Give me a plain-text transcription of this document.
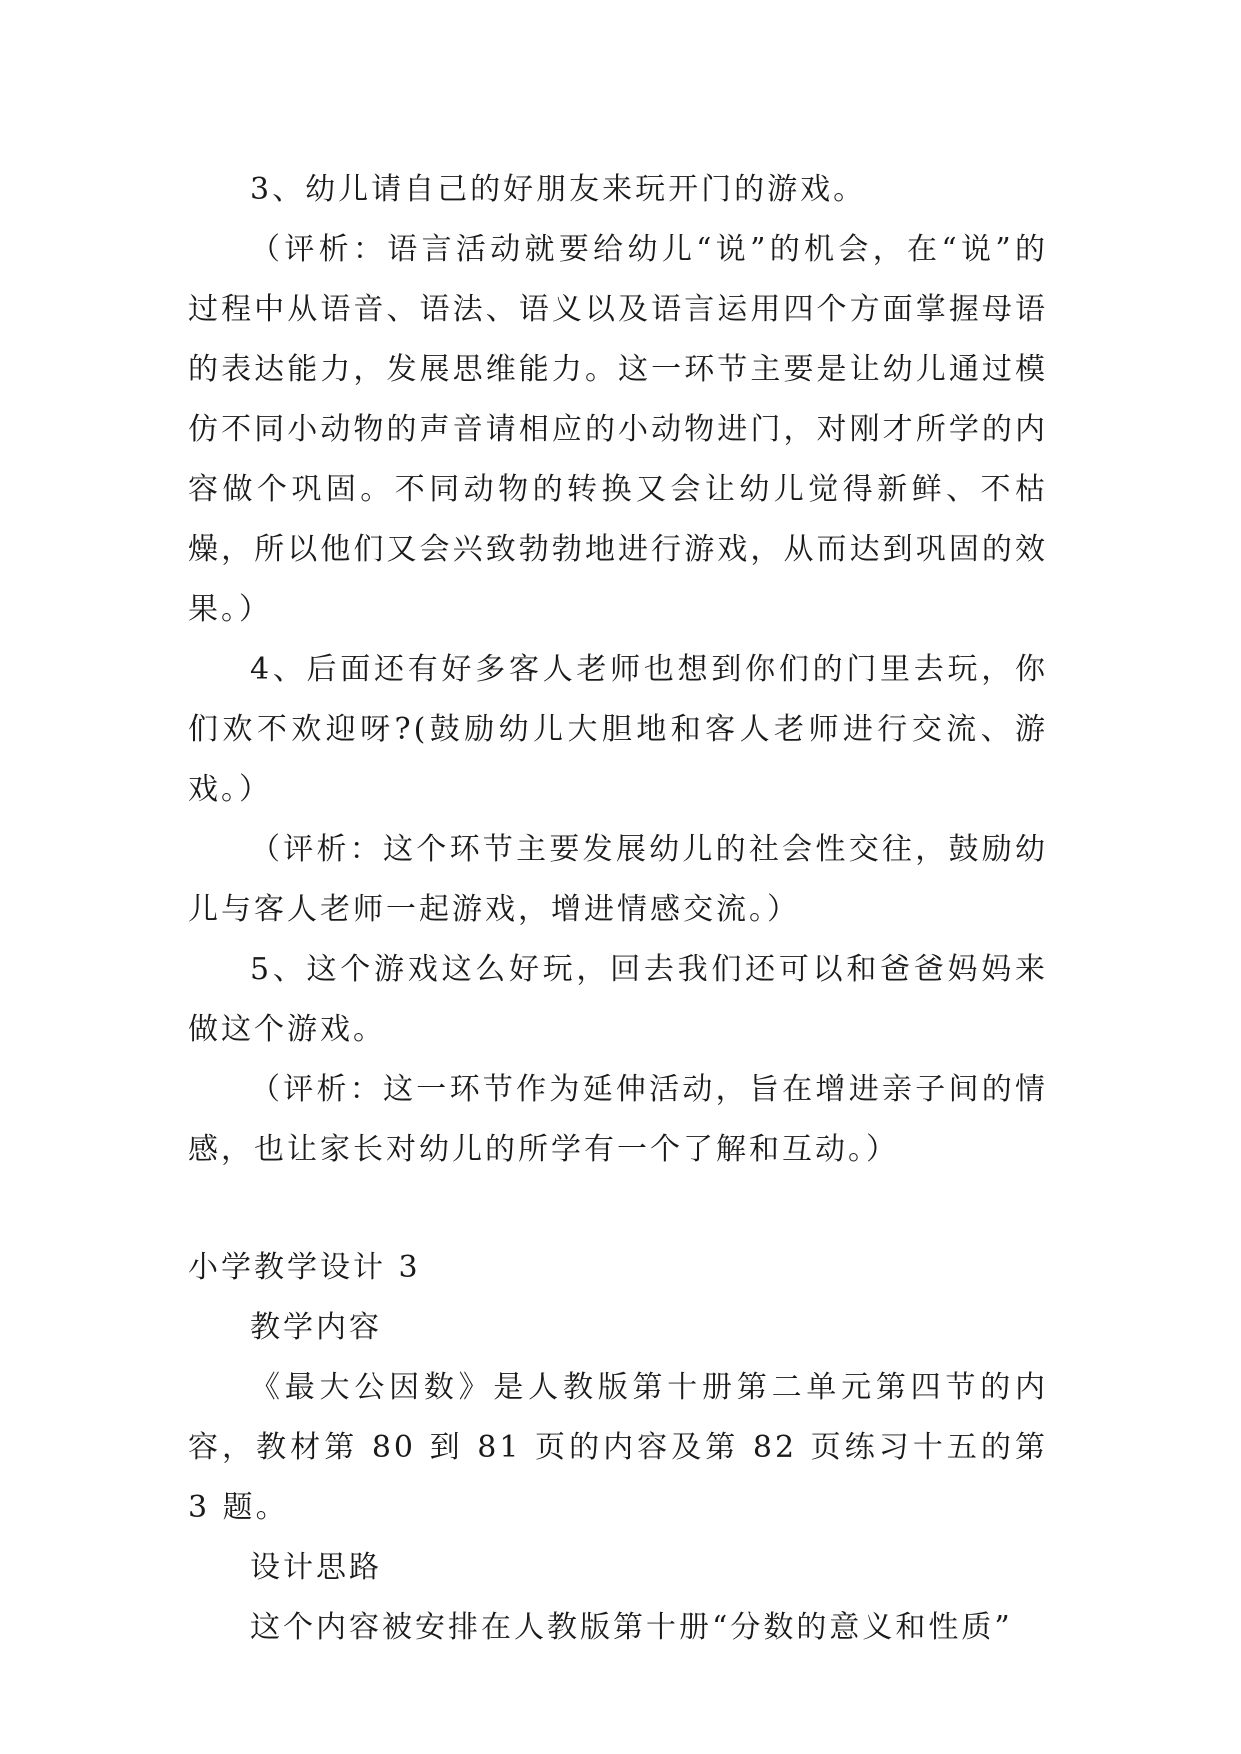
3、幼儿请自己的好朋友来玩开门的游戏。

（评析：语言活动就要给幼儿“说”的机会，在“说”的过程中从语音、语法、语义以及语言运用四个方面掌握母语的表达能力，发展思维能力。这一环节主要是让幼儿通过模仿不同小动物的声音请相应的小动物进门，对刚才所学的内容做个巩固。不同动物的转换又会让幼儿觉得新鲜、不枯燥，所以他们又会兴致勃勃地进行游戏，从而达到巩固的效果。）

4、后面还有好多客人老师也想到你们的门里去玩，你们欢不欢迎呀?(鼓励幼儿大胆地和客人老师进行交流、游戏。）

（评析：这个环节主要发展幼儿的社会性交往，鼓励幼儿与客人老师一起游戏，增进情感交流。）

5、这个游戏这么好玩，回去我们还可以和爸爸妈妈来做这个游戏。

（评析：这一环节作为延伸活动，旨在增进亲子间的情感，也让家长对幼儿的所学有一个了解和互动。）

小学教学设计 3

教学内容

《最大公因数》是人教版第十册第二单元第四节的内容，教材第 80 到 81 页的内容及第 82 页练习十五的第 3 题。

设计思路

这个内容被安排在人教版第十册“分数的意义和性质”
